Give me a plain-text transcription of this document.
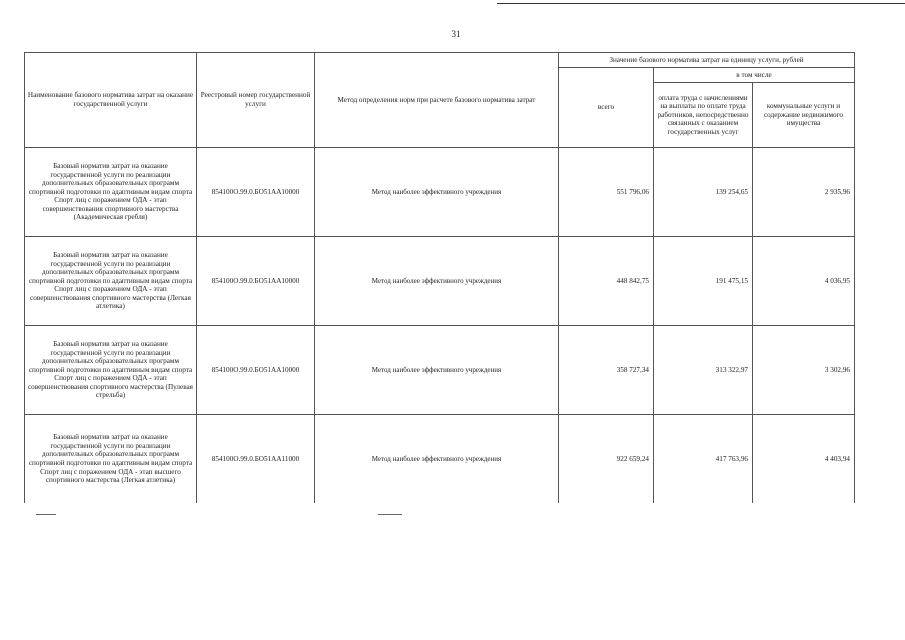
31
Наименование базового норматива затрат на оказание государственной услуги	Реестровый номер государственной услуги	Метод определения норм при расчете базового норматива затрат	Значение базового норматива затрат на единицу услуги, рублей		
			всего	в том числе	
				оплата труда с начислениями на выплаты по оплате труда работников, непосредственно связанных с оказанием государственных услуг	коммунальные услуги и содержание недвижимого имущества
Базовый норматив затрат на оказание государственной услуги по реализации дополнительных образовательных программ спортивной подготовки по адаптивным видам спорта Спорт лиц с поражением ОДА - этап совершенствования спортивного мастерства (Академическая гребля)	854100О.99.0.БО51АА10000	Метод наиболее эффективного учреждения	551 796,06	139 254,65	2 935,96
Базовый норматив затрат на оказание государственной услуги по реализации дополнительных образовательных программ спортивной подготовки по адаптивным видам спорта Спорт лиц с поражением ОДА - этап совершенствования спортивного мастерства (Легкая атлетика)	854100О.99.0.БО51АА10000	Метод наиболее эффективного учреждения	448 842,75	191 475,15	4 036,95
Базовый норматив затрат на оказание государственной услуги по реализации дополнительных образовательных программ спортивной подготовки по адаптивным видам спорта Спорт лиц с поражением ОДА - этап совершенствования спортивного мастерства (Пулевая стрельба)	854100О.99.0.БО51АА10000	Метод наиболее эффективного учреждения	358 727,34	313 322,97	3 302,96
Базовый норматив затрат на оказание государственной услуги по реализации дополнительных образовательных программ спортивной подготовки по адаптивным видам спорта Спорт лиц с поражением ОДА - этап высшего спортивного мастерства (Легкая атлетика)	854100О.99.0.БО51АА11000	Метод наиболее эффективного учреждения	922 659,24	417 763,96	4 403,94
